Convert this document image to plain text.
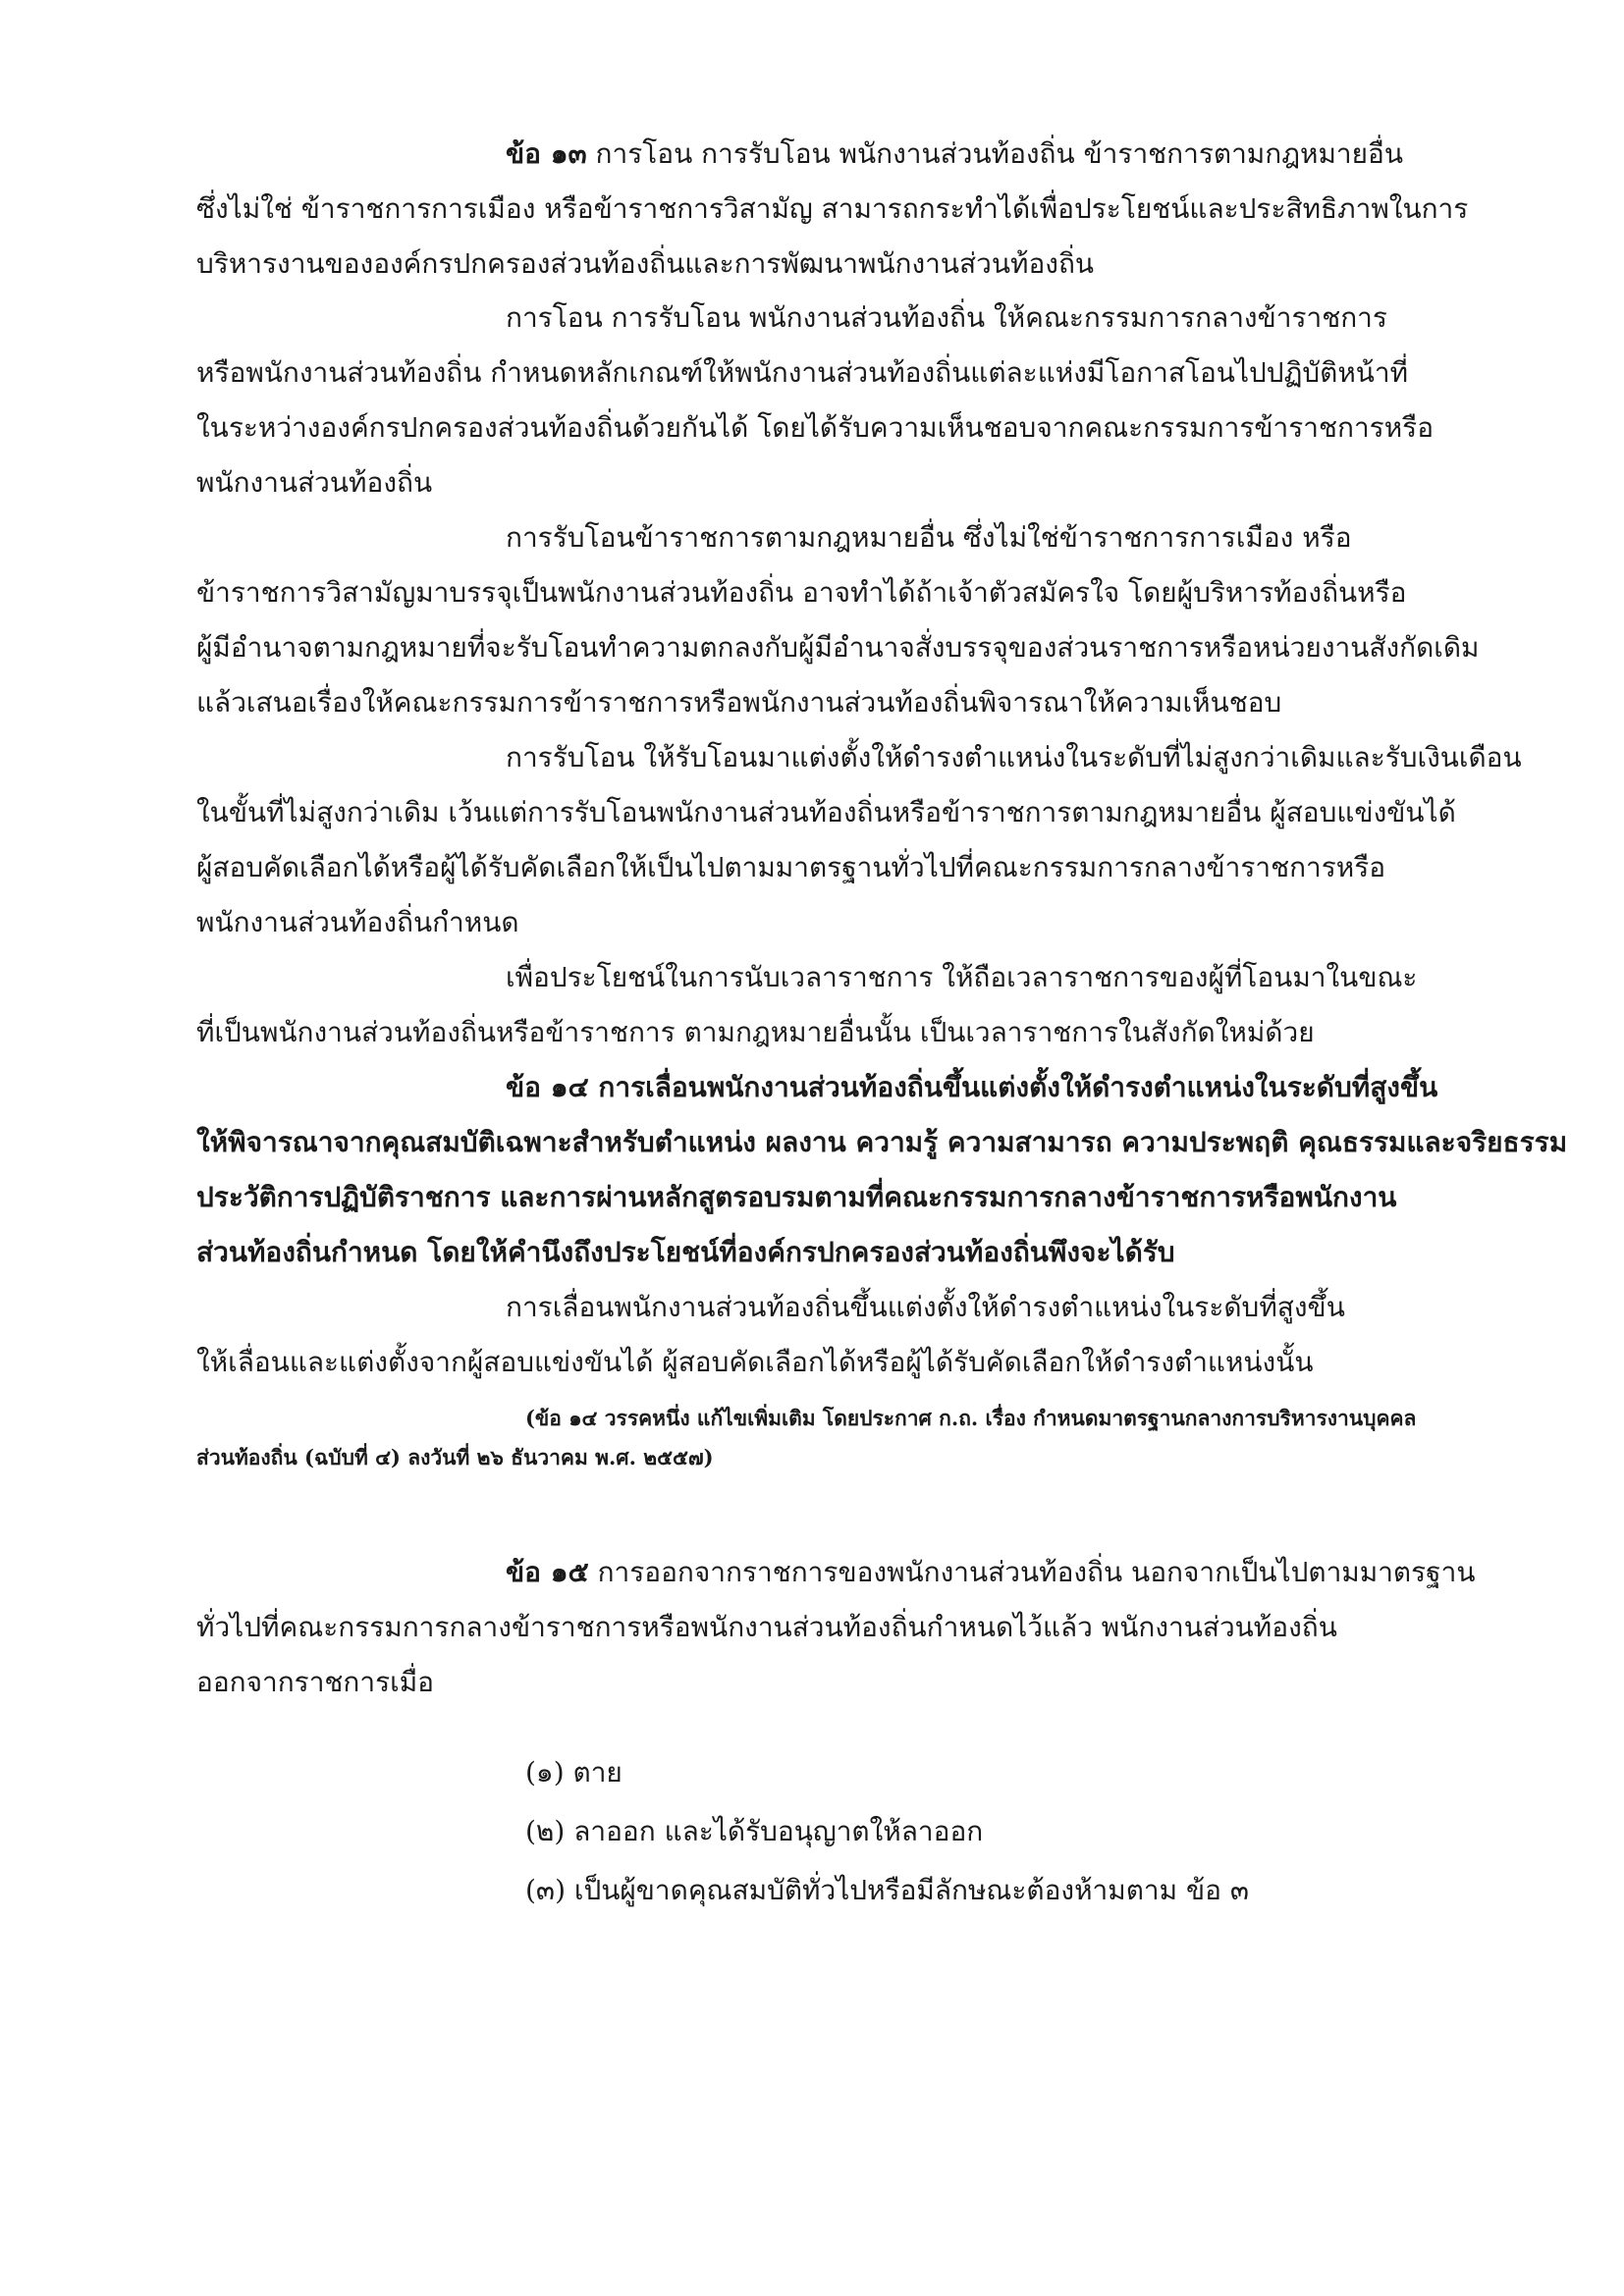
ข้อ ๑๓ การโอน การรับโอน พนักงานส่วนท้องถิ่น ข้าราชการตามกฎหมายอื่น
ซึ่งไม่ใช่ ข้าราชการการเมือง หรือข้าราชการวิสามัญ สามารถกระทำได้เพื่อประโยชน์และประสิทธิภาพในการ
บริหารงานขององค์กรปกครองส่วนท้องถิ่นและการพัฒนาพนักงานส่วนท้องถิ่น
การโอน การรับโอน พนักงานส่วนท้องถิ่น ให้คณะกรรมการกลางข้าราชการ
หรือพนักงานส่วนท้องถิ่น กำหนดหลักเกณฑ์ให้พนักงานส่วนท้องถิ่นแต่ละแห่งมีโอกาสโอนไปปฏิบัติหน้าที่
ในระหว่างองค์กรปกครองส่วนท้องถิ่นด้วยกันได้ โดยได้รับความเห็นชอบจากคณะกรรมการข้าราชการหรือ
พนักงานส่วนท้องถิ่น
การรับโอนข้าราชการตามกฎหมายอื่น ซึ่งไม่ใช่ข้าราชการการเมือง หรือ
ข้าราชการวิสามัญมาบรรจุเป็นพนักงานส่วนท้องถิ่น อาจทำได้ถ้าเจ้าตัวสมัครใจ โดยผู้บริหารท้องถิ่นหรือ
ผู้มีอำนาจตามกฎหมายที่จะรับโอนทำความตกลงกับผู้มีอำนาจสั่งบรรจุของส่วนราชการหรือหน่วยงานสังกัดเดิม
แล้วเสนอเรื่องให้คณะกรรมการข้าราชการหรือพนักงานส่วนท้องถิ่นพิจารณาให้ความเห็นชอบ
การรับโอน ให้รับโอนมาแต่งตั้งให้ดำรงตำแหน่งในระดับที่ไม่สูงกว่าเดิมและรับเงินเดือน
ในขั้นที่ไม่สูงกว่าเดิม เว้นแต่การรับโอนพนักงานส่วนท้องถิ่นหรือข้าราชการตามกฎหมายอื่น ผู้สอบแข่งขันได้
ผู้สอบคัดเลือกได้หรือผู้ได้รับคัดเลือกให้เป็นไปตามมาตรฐานทั่วไปที่คณะกรรมการกลางข้าราชการหรือ
พนักงานส่วนท้องถิ่นกำหนด
เพื่อประโยชน์ในการนับเวลาราชการ ให้ถือเวลาราชการของผู้ที่โอนมาในขณะ
ที่เป็นพนักงานส่วนท้องถิ่นหรือข้าราชการ ตามกฎหมายอื่นนั้น เป็นเวลาราชการในสังกัดใหม่ด้วย
ข้อ ๑๔ การเลื่อนพนักงานส่วนท้องถิ่นขึ้นแต่งตั้งให้ดำรงตำแหน่งในระดับที่สูงขึ้น
ให้พิจารณาจากคุณสมบัติเฉพาะสำหรับตำแหน่ง ผลงาน ความรู้ ความสามารถ ความประพฤติ คุณธรรมและจริยธรรม
ประวัติการปฏิบัติราชการ และการผ่านหลักสูตรอบรมตามที่คณะกรรมการกลางข้าราชการหรือพนักงาน
ส่วนท้องถิ่นกำหนด โดยให้คำนึงถึงประโยชน์ที่องค์กรปกครองส่วนท้องถิ่นพึงจะได้รับ
การเลื่อนพนักงานส่วนท้องถิ่นขึ้นแต่งตั้งให้ดำรงตำแหน่งในระดับที่สูงขึ้น
ให้เลื่อนและแต่งตั้งจากผู้สอบแข่งขันได้ ผู้สอบคัดเลือกได้หรือผู้ได้รับคัดเลือกให้ดำรงตำแหน่งนั้น
(ข้อ ๑๔ วรรคหนึ่ง แก้ไขเพิ่มเติม โดยประกาศ ก.ถ. เรื่อง กำหนดมาตรฐานกลางการบริหารงานบุคคล
ส่วนท้องถิ่น (ฉบับที่ ๔) ลงวันที่ ๒๖ ธันวาคม พ.ศ. ๒๕๕๗)
ข้อ ๑๕ การออกจากราชการของพนักงานส่วนท้องถิ่น นอกจากเป็นไปตามมาตรฐาน
ทั่วไปที่คณะกรรมการกลางข้าราชการหรือพนักงานส่วนท้องถิ่นกำหนดไว้แล้ว พนักงานส่วนท้องถิ่น
ออกจากราชการเมื่อ
(๑) ตาย
(๒) ลาออก และได้รับอนุญาตให้ลาออก
(๓) เป็นผู้ขาดคุณสมบัติทั่วไปหรือมีลักษณะต้องห้ามตาม ข้อ ๓
